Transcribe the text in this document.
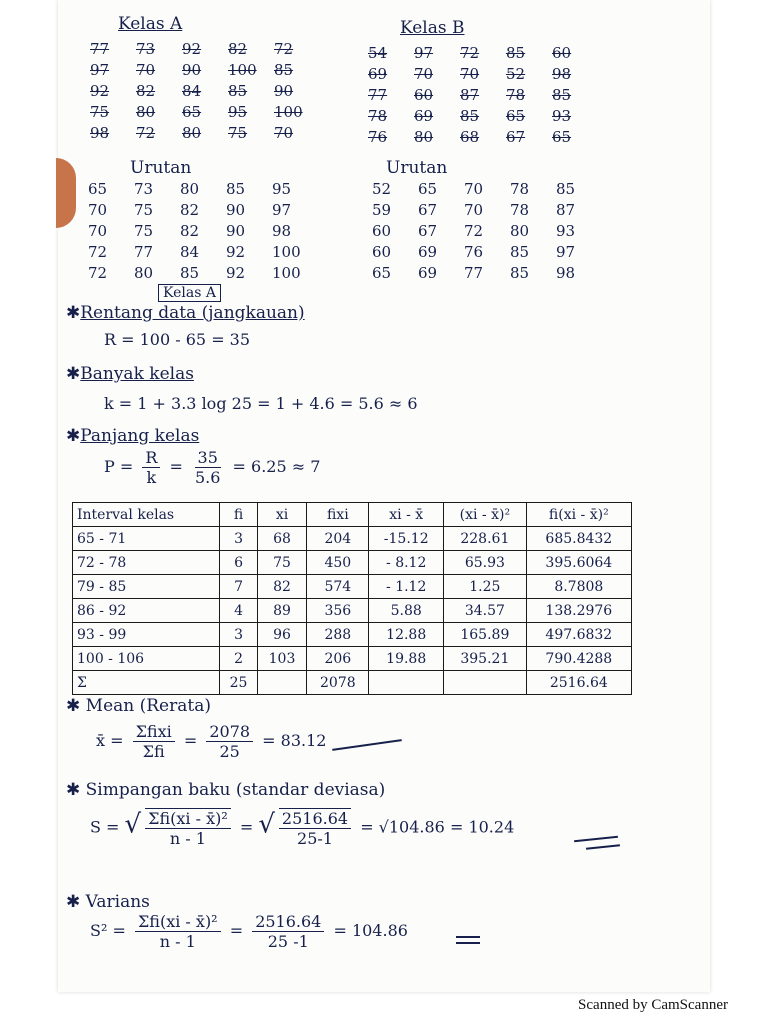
Kelas A
77	73	92	82	72
97	70	90	100	85
92	82	84	85	90
75	80	65	95	100
98	72	80	75	70
Kelas B
54	97	72	85	60
69	70	70	52	98
77	60	87	78	85
78	69	85	65	93
76	80	68	67	65
Urutan
65	73	80	85	95
70	75	82	90	97
70	75	82	90	98
72	77	84	92	100
72	80	85	92	100
Urutan
52	65	70	78	85
59	67	70	78	87
60	67	72	80	93
60	69	76	85	97
65	69	77	85	98
Kelas A
✱Rentang data (jangkauan)
R = 100 - 65 = 35
✱Banyak kelas
k = 1 + 3.3 log 25 = 1 + 4.6 = 5.6 ≈ 6
✱Panjang kelas
$P = \frac{R}{k} = \frac{35}{5.6} = 6.25 \approx 7$
Interval kelas	fi	xi	fixi	xi - x̄	(xi - x̄)²	fi(xi - x̄)²
65 - 71	3	68	204	-15.12	228.61	685.8432
72 - 78	6	75	450	- 8.12	65.93	395.6064
79 - 85	7	82	574	- 1.12	1.25	8.7808
86 - 92	4	89	356	5.88	34.57	138.2976
93 - 99	3	96	288	12.88	165.89	497.6832
100 - 106	2	103	206	19.88	395.21	790.4288
Σ	25		2078			2516.64
✱ Mean (Rerata)
x̄ = $\frac{\text{Σfixi}}{\text{Σfi}} = \frac{2078}{25} = 83.12$
✱ Simpangan baku (standar deviasa)
S = √ $\frac{\text{Σfi(xi - x̄)²}}{n - 1}$ = √ $\frac{2516.64}{25-1} = √104.86 = 10.24$
✱ Varians
$S^2 = \frac{\text{Σfi(xi - x̄)²}}{n - 1} = \frac{2516.64}{25 -1} = 104.86$
Scanned by CamScanner
